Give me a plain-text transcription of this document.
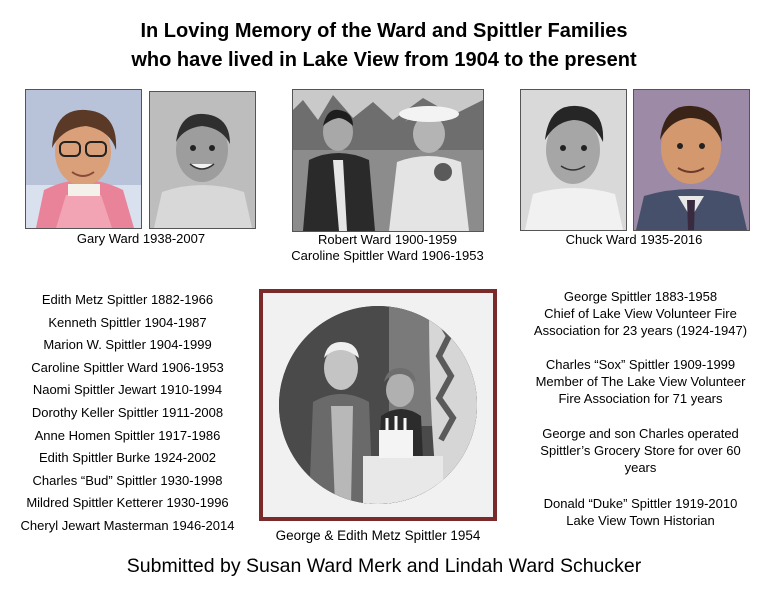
In Loving Memory of the Ward and Spittler Families
who have lived in Lake View from 1904 to the present
Gary Ward 1938-2007	Robert Ward 1900-1959
Caroline Spittler Ward 1906-1953
Chuck Ward 1935-2016
Edith Metz Spittler 1882-1966
Kenneth Spittler 1904-1987
Marion W. Spittler 1904-1999
Caroline Spittler Ward 1906-1953
Naomi Spittler Jewart 1910-1994
Dorothy Keller Spittler 1911-2008
Anne Homen Spittler 1917-1986
Edith Spittler Burke 1924-2002
Charles “Bud” Spittler 1930-1998
Mildred Spittler Ketterer 1930-1996
Cheryl Jewart Masterman 1946-2014
George & Edith Metz Spittler 1954
George Spittler 1883-1958
Chief of Lake View Volunteer Fire
Association for 23 years (1924-1947)
Charles “Sox” Spittler 1909-1999
Member of The Lake View Volunteer
Fire Association for 71 years
George and son Charles operated
Spittler’s Grocery Store for over 60
years
Donald “Duke” Spittler 1919-2010
Lake View Town Historian
Submitted by Susan Ward Merk and Lindah Ward Schucker
